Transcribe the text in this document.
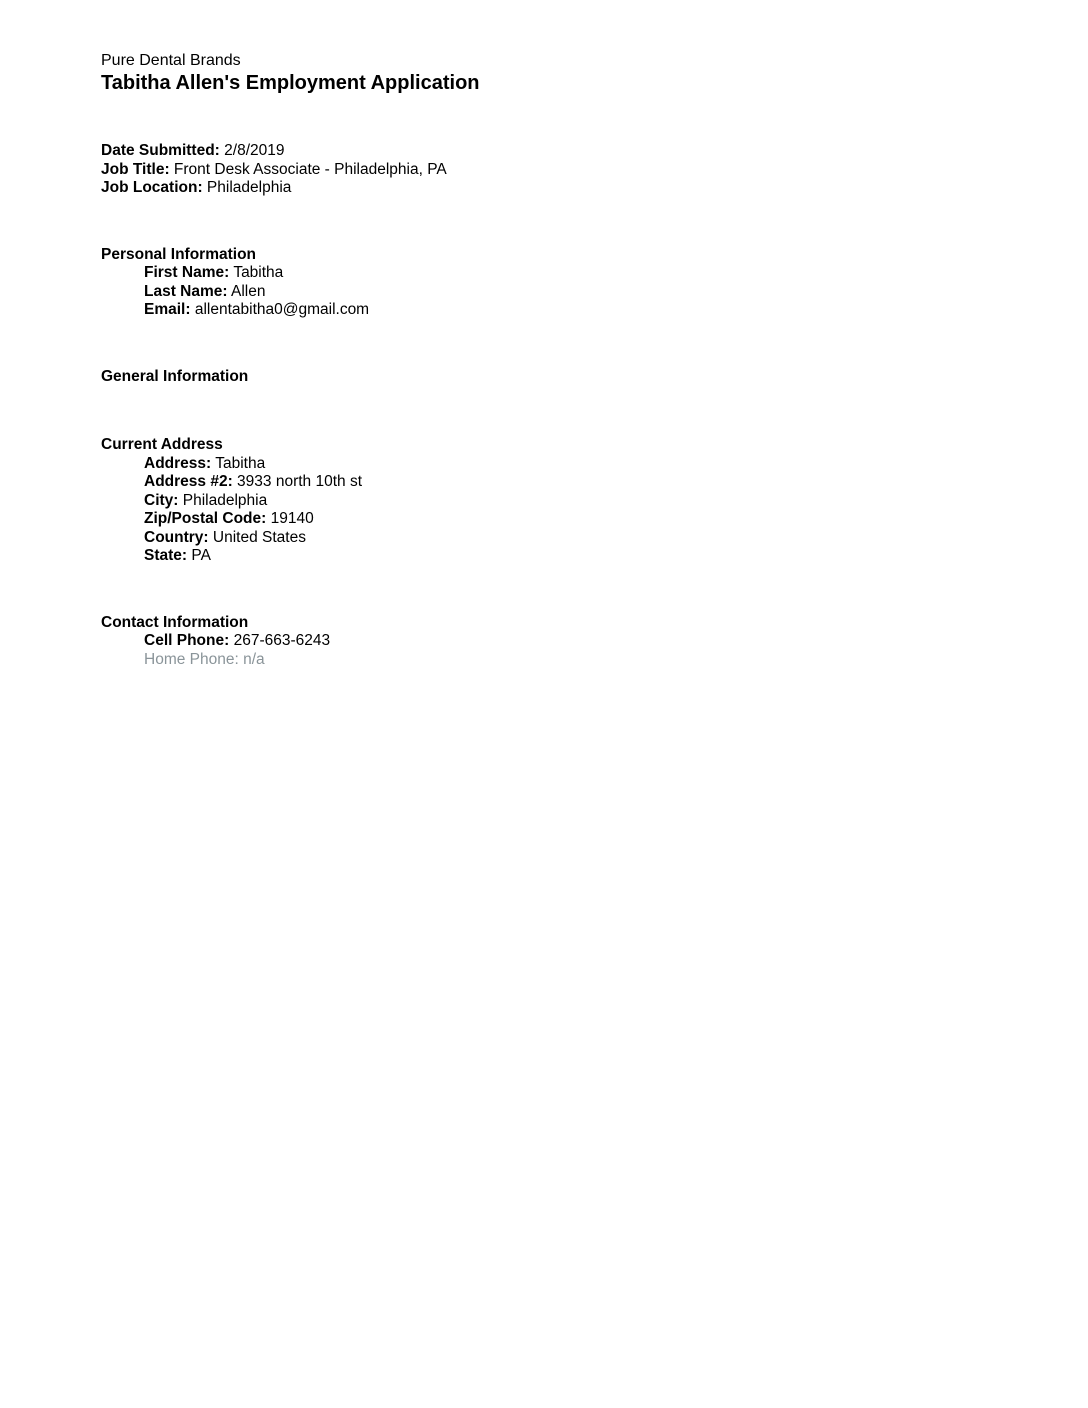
Pure Dental Brands
Tabitha Allen's Employment Application
Date Submitted: 2/8/2019
Job Title: Front Desk Associate - Philadelphia, PA
Job Location: Philadelphia
Personal Information
First Name: Tabitha
Last Name: Allen
Email: allentabitha0@gmail.com
General Information
Current Address
Address: Tabitha
Address #2: 3933 north 10th st
City: Philadelphia
Zip/Postal Code: 19140
Country: United States
State: PA
Contact Information
Cell Phone: 267-663-6243
Home Phone: n/a
